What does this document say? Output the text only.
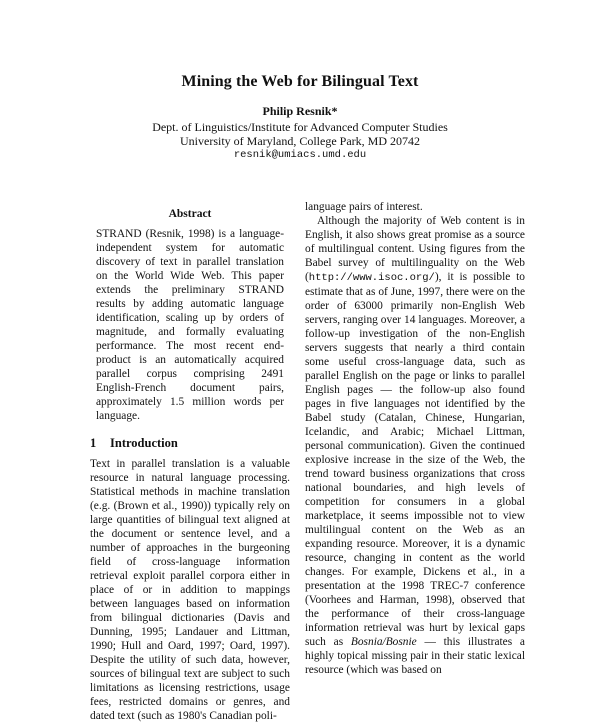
Mining the Web for Bilingual Text
Philip Resnik*
Dept. of Linguistics/Institute for Advanced Computer Studies
University of Maryland, College Park, MD 20742
resnik@umiacs.umd.edu
Abstract

STRAND (Resnik, 1998) is a language-independent system for automatic discovery of text in parallel translation on the World Wide Web. This paper extends the preliminary STRAND results by adding automatic language identification, scaling up by orders of magnitude, and formally evaluating performance. The most recent end-product is an automatically acquired parallel corpus comprising 2491 English-French document pairs, approximately 1.5 million words per language.

1 Introduction

Text in parallel translation is a valuable resource in natural language processing. Statistical methods in machine translation (e.g. (Brown et al., 1990)) typically rely on large quantities of bilingual text aligned at the document or sentence level, and a number of approaches in the burgeoning field of cross-language information retrieval exploit parallel corpora either in place of or in addition to mappings between languages based on information from bilingual dictionaries (Davis and Dunning, 1995; Landauer and Littman, 1990; Hull and Oard, 1997; Oard, 1997). Despite the utility of such data, however, sources of bilingual text are subject to such limitations as licensing restrictions, usage fees, restricted domains or genres, and dated text (such as 1980's Canadian poli-

language pairs of interest.

Although the majority of Web content is in English, it also shows great promise as a source of multilingual content. Using figures from the Babel survey of multilinguality on the Web (http://www.isoc.org/), it is possible to estimate that as of June, 1997, there were on the order of 63000 primarily non-English Web servers, ranging over 14 languages. Moreover, a follow-up investigation of the non-English servers suggests that nearly a third contain some useful cross-language data, such as parallel English on the page or links to parallel English pages — the follow-up also found pages in five languages not identified by the Babel study (Catalan, Chinese, Hungarian, Icelandic, and Arabic; Michael Littman, personal communication). Given the continued explosive increase in the size of the Web, the trend toward business organizations that cross national boundaries, and high levels of competition for consumers in a global marketplace, it seems impossible not to view multilingual content on the Web as an expanding resource. Moreover, it is a dynamic resource, changing in content as the world changes. For example, Dickens et al., in a presentation at the 1998 TREC-7 conference (Voorhees and Harman, 1998), observed that the performance of their cross-language information retrieval was hurt by lexical gaps such as Bosnia/Bosnie — this illustrates a highly topical missing pair in their static lexical resource (which was based on
